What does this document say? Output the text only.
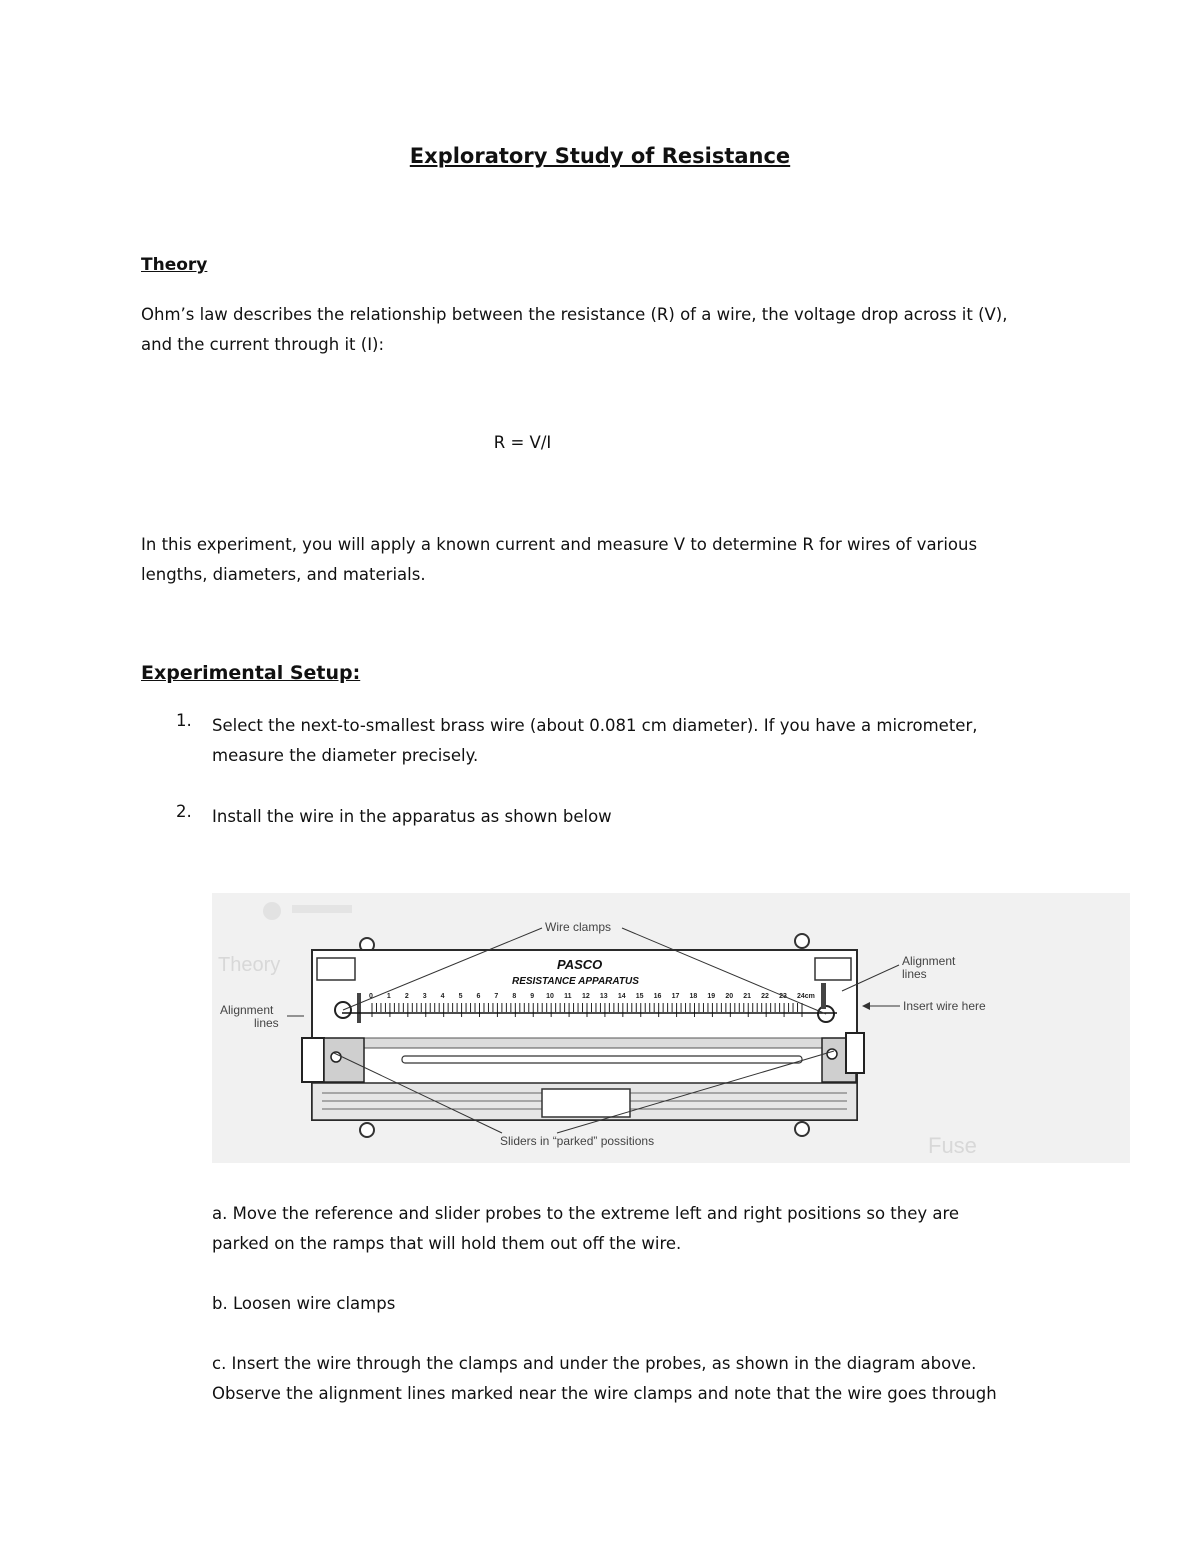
Exploratory Study of Resistance
Theory
Ohm’s law describes the relationship between the resistance (R) of a wire, the voltage drop across it (V),
and the current through it (I):
R = V/I
In this experiment, you will apply a known current and measure V to determine R for wires of various
lengths, diameters, and materials.
Experimental Setup:
1. Select the next-to-smallest brass wire (about 0.081 cm diameter). If you have a micrometer,
measure the diameter precisely.
2. Install the wire in the apparatus as shown below
Theory
Fuse
PASCO
RESISTANCE APPARATUS
0 1 2 3 4 5 6 7 8 9 10 11 12 13 14 15 16 17 18 19 20 21 22 23 24cm
Wire clamps
Alignment
lines
Alignment
lines
Insert wire here
Sliders in “parked” possitions
a. Move the reference and slider probes to the extreme left and right positions so they are
parked on the ramps that will hold them out off the wire.
b. Loosen wire clamps
c. Insert the wire through the clamps and under the probes, as shown in the diagram above.
Observe the alignment lines marked near the wire clamps and note that the wire goes through
